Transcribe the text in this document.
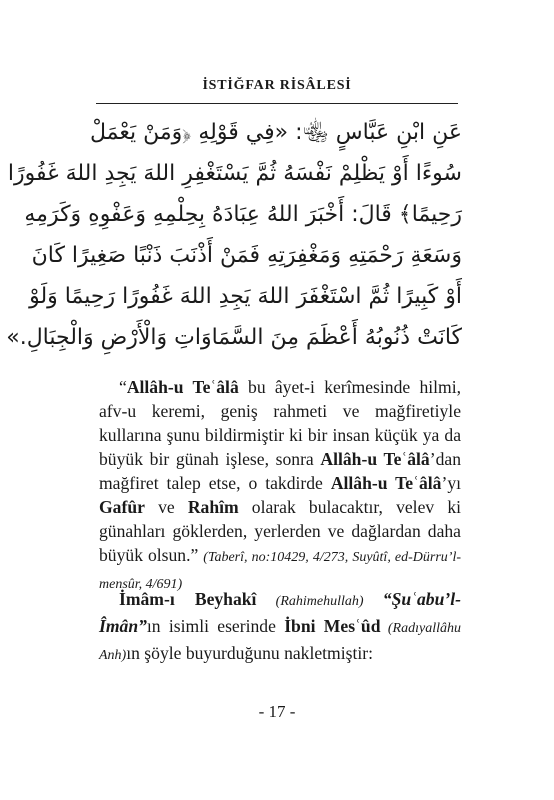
İSTİĞFAR RİSÂLESİ
عَنِ ابْنِ عَبَّاسٍ ﵄: «فِي قَوْلِهِ ﴿وَمَنْ يَعْمَلْ
سُوءًا أَوْ يَظْلِمْ نَفْسَهُ ثُمَّ يَسْتَغْفِرِ اللهَ يَجِدِ اللهَ غَفُورًا
رَحِيمًا﴾ قَالَ: أَخْبَرَ اللهُ عِبَادَهُ بِحِلْمِهِ وَعَفْوِهِ وَكَرَمِهِ
وَسَعَةِ رَحْمَتِهِ وَمَغْفِرَتِهِ فَمَنْ أَذْنَبَ ذَنْبًا صَغِيرًا كَانَ
أَوْ كَبِيرًا ثُمَّ اسْتَغْفَرَ اللهَ يَجِدِ اللهَ غَفُورًا رَحِيمًا وَلَوْ
كَانَتْ ذُنُوبُهُ أَعْظَمَ مِنَ السَّمَاوَاتِ وَالْأَرْضِ وَالْجِبَالِ.»

“Allâh-u Teʿâlâ bu âyet-i kerîmesinde hilmi, afv-u keremi, geniş rahmeti ve mağfiretiyle kullarına şunu bildirmiştir ki bir insan küçük ya da büyük bir günah işlese, sonra Allâh-u Teʿâlâ’dan mağfiret talep etse, o takdirde Allâh-u Teʿâlâ’yı Gafûr ve Rahîm olarak bulacaktır, velev ki günahları göklerden, yerlerden ve dağlardan daha büyük olsun.” (Taberî, no:10429, 4/273, Suyûtî, ed-Dürru’l-mensûr, 4/691)

İmâm-ı Beyhakî (Rahimehullah) “Şuʿabu’l-Îmân”ın isimli eserinde İbni Mesʿûd (Radıyallâhu Anh)ın şöyle buyurduğunu nakletmiştir:

- 17 -
